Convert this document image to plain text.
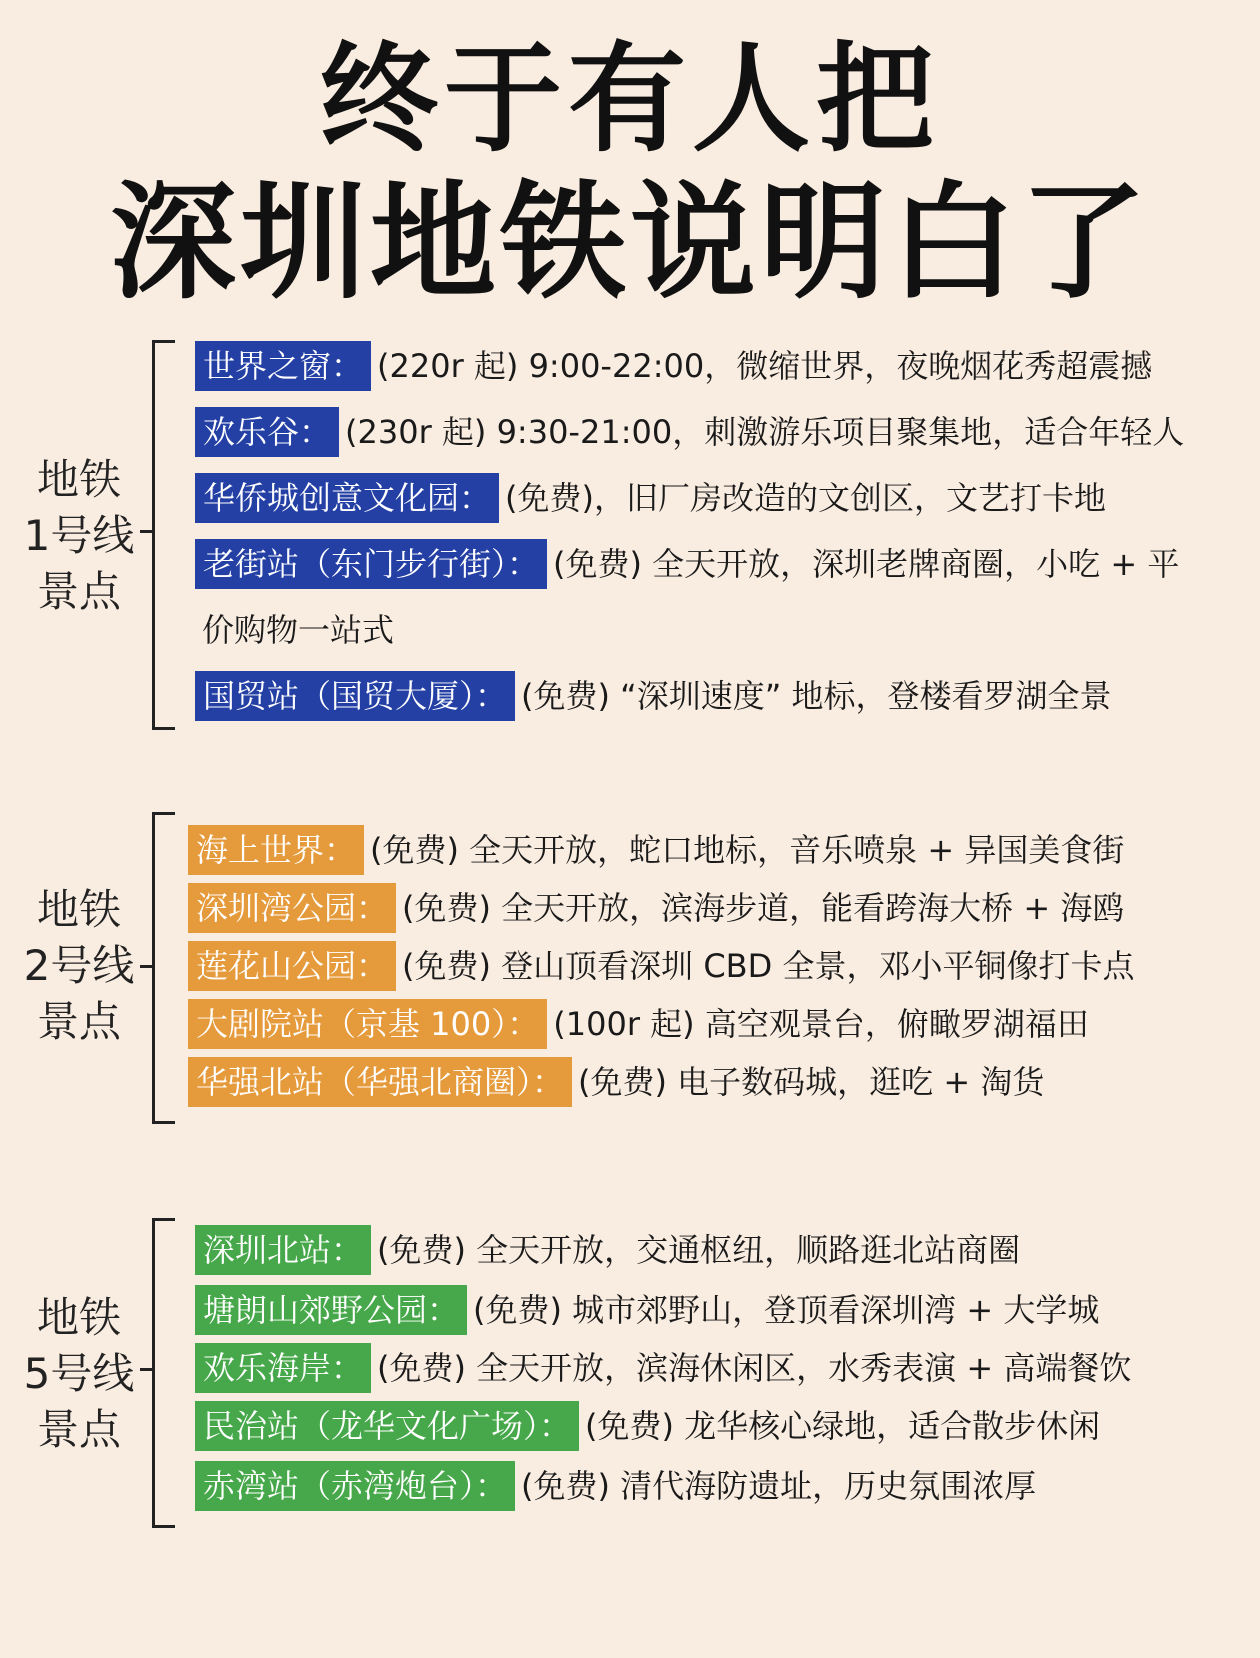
终于有人把
深圳地铁说明白了
地铁
1号线
景点
世界之窗： (220r 起) 9:00-22:00，微缩世界，夜晚烟花秀超震撼
欢乐谷： (230r 起) 9:30-21:00，刺激游乐项目聚集地，适合年轻人
华侨城创意文化园： (免费)，旧厂房改造的文创区，文艺打卡地
老街站（东门步行街）： (免费) 全天开放，深圳老牌商圈，小吃 + 平
价购物一站式
国贸站（国贸大厦）： (免费) “深圳速度” 地标，登楼看罗湖全景
地铁
2号线
景点
海上世界： (免费) 全天开放，蛇口地标，音乐喷泉 + 异国美食街
深圳湾公园： (免费) 全天开放，滨海步道，能看跨海大桥 + 海鸥
莲花山公园： (免费) 登山顶看深圳 CBD 全景，邓小平铜像打卡点
大剧院站（京基 100）： (100r 起) 高空观景台，俯瞰罗湖福田
华强北站（华强北商圈）： (免费) 电子数码城，逛吃 + 淘货
地铁
5号线
景点
深圳北站： (免费) 全天开放，交通枢纽，顺路逛北站商圈
塘朗山郊野公园： (免费) 城市郊野山，登顶看深圳湾 + 大学城
欢乐海岸： (免费) 全天开放，滨海休闲区，水秀表演 + 高端餐饮
民治站（龙华文化广场）： (免费) 龙华核心绿地，适合散步休闲
赤湾站（赤湾炮台）： (免费) 清代海防遗址，历史氛围浓厚
